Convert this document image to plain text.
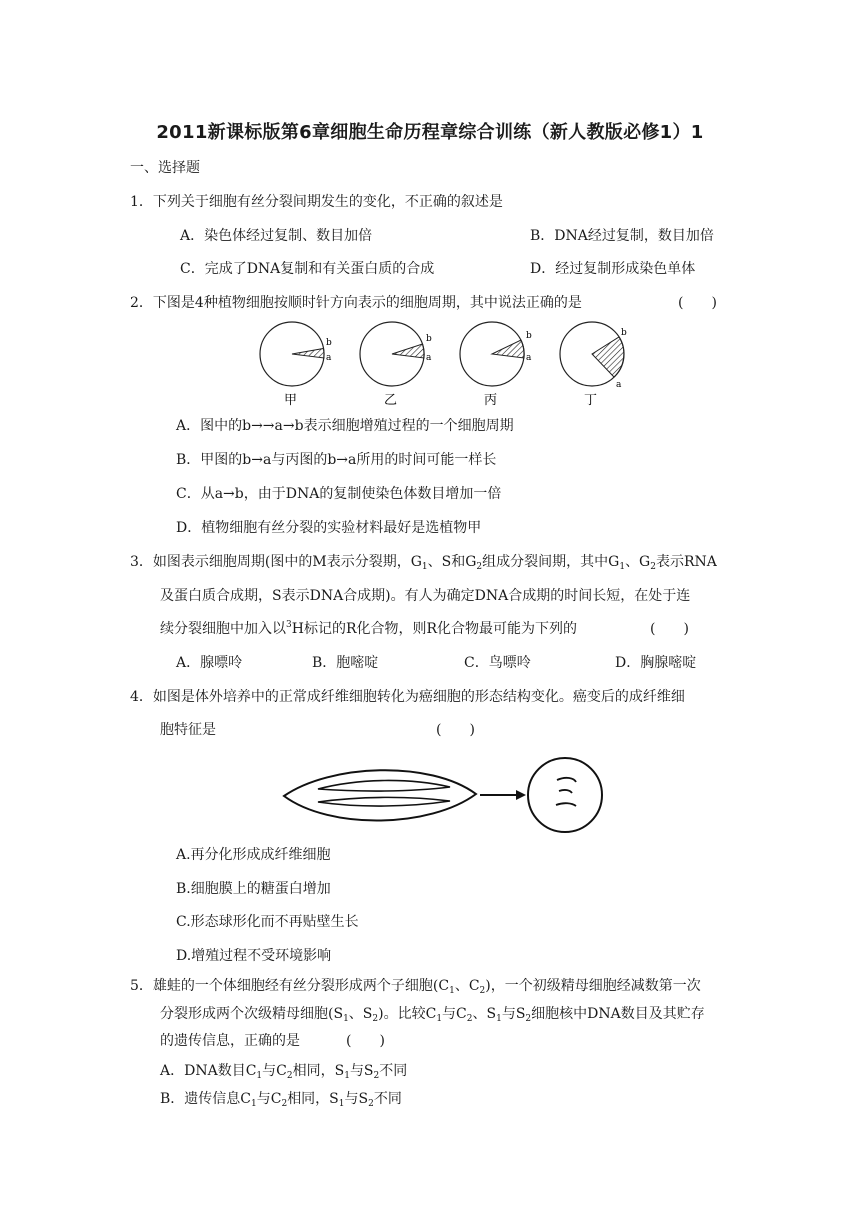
2011新课标版第6章细胞生命历程章综合训练（新人教版必修1）1
一、选择题
1．下列关于细胞有丝分裂间期发生的变化，不正确的叙述是
A．染色体经过复制、数目加倍	B．DNA经过复制，数目加倍
C．完成了DNA复制和有关蛋白质的合成	D．经过复制形成染色单体
2．下图是4种植物细胞按顺时针方向表示的细胞周期，其中说法正确的是	(　　)
b
a
甲
b
a
乙
b
a
丙
b
a
丁
A．图中的b→→a→b表示细胞增殖过程的一个细胞周期
B．甲图的b→a与丙图的b→a所用的时间可能一样长
C．从a→b，由于DNA的复制使染色体数目增加一倍
D．植物细胞有丝分裂的实验材料最好是选植物甲
3．如图表示细胞周期(图中的M表示分裂期，$G_1$、S和$G_2$组成分裂间期，其中$G_1$、$G_2$表示RNA
及蛋白质合成期，S表示DNA合成期)。有人为确定DNA合成期的时间长短，在处于连
续分裂细胞中加入以$^3$H标记的R化合物，则R化合物最可能为下列的	(　　)
A．腺嘌呤	B．胞嘧啶	C．鸟嘌呤	D．胸腺嘧啶
4．如图是体外培养中的正常成纤维细胞转化为癌细胞的形态结构变化。癌变后的成纤维细
胞特征是	(　　)
A.再分化形成成纤维细胞
B.细胞膜上的糖蛋白增加
C.形态球形化而不再贴壁生长
D.增殖过程不受环境影响
5．雄蛙的一个体细胞经有丝分裂形成两个子细胞($C_1$、$C_2$)，一个初级精母细胞经减数第一次
分裂形成两个次级精母细胞($S_1$、$S_2$)。比较$C_1$与$C_2$、$S_1$与$S_2$细胞核中DNA数目及其贮存
的遗传信息，正确的是	(　　)
A．DNA数目$C_1$与$C_2$相同，$S_1$与$S_2$不同
B．遗传信息$C_1$与$C_2$相同，$S_1$与$S_2$不同
